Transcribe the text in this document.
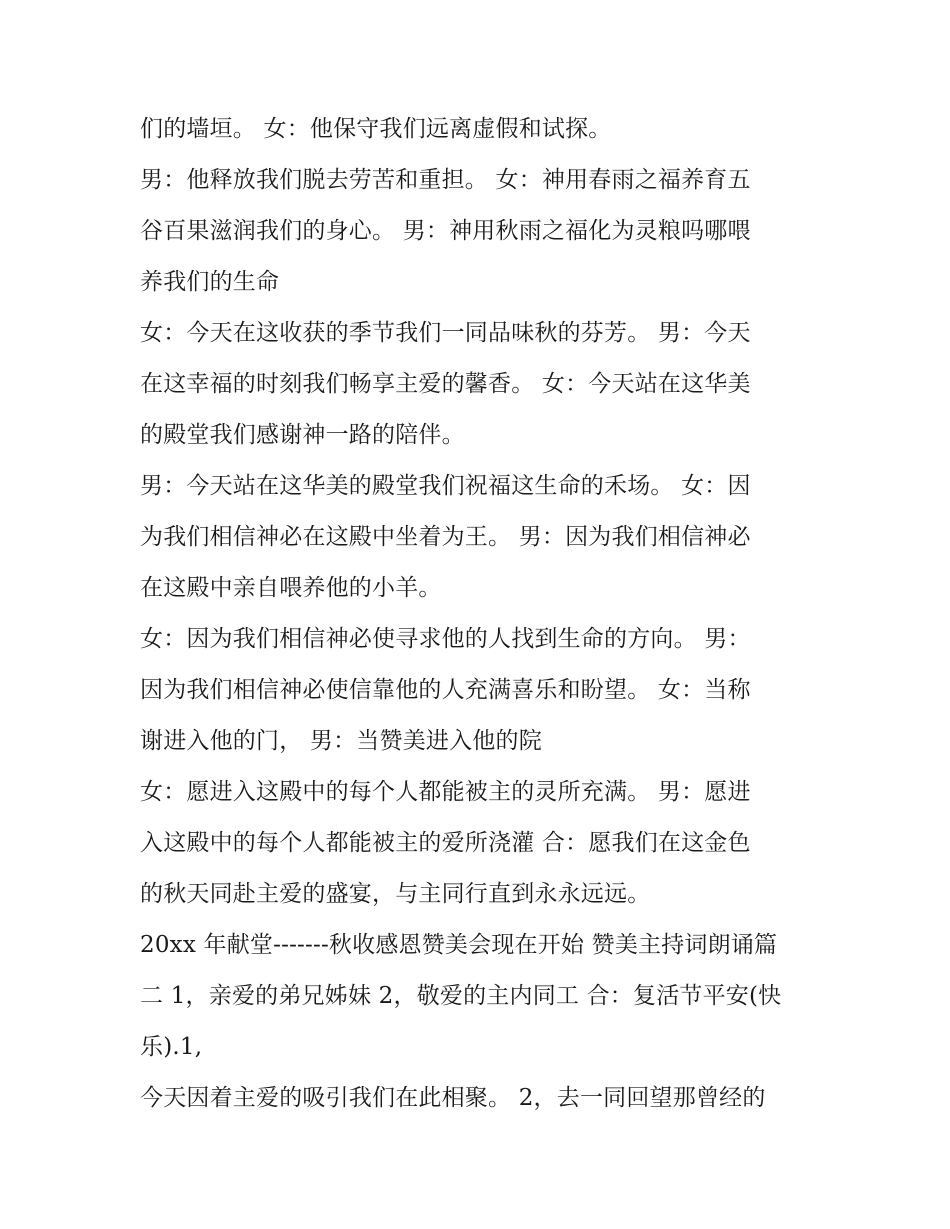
们的墙垣。 女：他保守我们远离虚假和试探。
男：他释放我们脱去劳苦和重担。 女：神用春雨之福养育五
谷百果滋润我们的身心。 男：神用秋雨之福化为灵粮吗哪喂
养我们的生命
女：今天在这收获的季节我们一同品味秋的芬芳。 男：今天
在这幸福的时刻我们畅享主爱的馨香。 女：今天站在这华美
的殿堂我们感谢神一路的陪伴。
男：今天站在这华美的殿堂我们祝福这生命的禾场。 女：因
为我们相信神必在这殿中坐着为王。 男：因为我们相信神必
在这殿中亲自喂养他的小羊。
女：因为我们相信神必使寻求他的人找到生命的方向。 男：
因为我们相信神必使信靠他的人充满喜乐和盼望。 女：当称
谢进入他的门， 男：当赞美进入他的院
女：愿进入这殿中的每个人都能被主的灵所充满。 男：愿进
入这殿中的每个人都能被主的爱所浇灌 合：愿我们在这金色
的秋天同赴主爱的盛宴，与主同行直到永永远远。
20xx 年献堂-------秋收感恩赞美会现在开始 赞美主持词朗诵篇
二 1，亲爱的弟兄姊妹 2，敬爱的主内同工 合：复活节平安(快
乐).1,
今天因着主爱的吸引我们在此相聚。 2，去一同回望那曾经的
